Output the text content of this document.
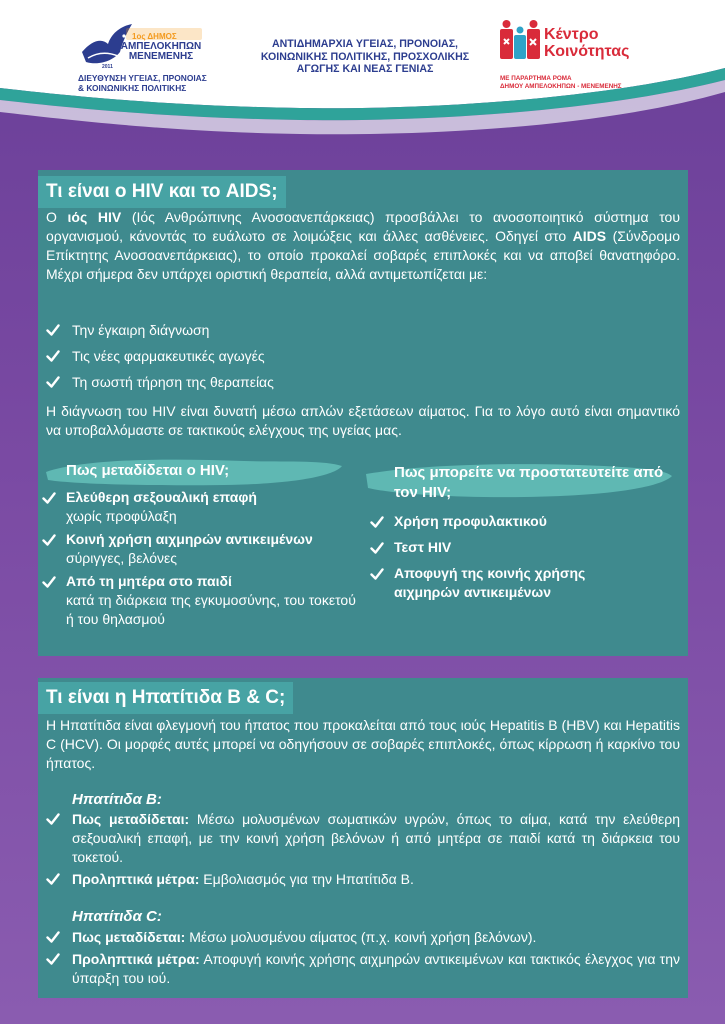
1ος ΔΗΜΟΣ
ΑΜΠΕΛΟΚΗΠΩΝ
ΜΕΝΕΜΕΝΗΣ
2011
ΔΙΕΥΘΥΝΣΗ ΥΓΕΙΑΣ, ΠΡΟΝΟΙΑΣ
& ΚΟΙΝΩΝΙΚΗΣ ΠΟΛΙΤΙΚΗΣ
ΑΝΤΙΔΗΜΑΡΧΙΑ ΥΓΕΙΑΣ, ΠΡΟΝΟΙΑΣ,
ΚΟΙΝΩΝΙΚΗΣ ΠΟΛΙΤΙΚΗΣ, ΠΡΟΣΧΟΛΙΚΗΣ
ΑΓΩΓΗΣ ΚΑΙ ΝΕΑΣ ΓΕΝΙΑΣ
Κέντρο
Κοινότητας
ΜΕ ΠΑΡΑΡΤΗΜΑ ΡΟΜΑ
ΔΗΜΟΥ ΑΜΠΕΛΟΚΗΠΩΝ - ΜΕΝΕΜΕΝΗΣ
Τι είναι ο HIV και το AIDS;
Ο ιός HIV (Ιός Ανθρώπινης Ανοσοανεπάρκειας) προσβάλλει το ανοσοποιητικό σύστημα του οργανισμού, κάνοντάς το ευάλωτο σε λοιμώξεις και άλλες ασθένειες. Οδηγεί στο AIDS (Σύνδρομο Επίκτητης Ανοσοανεπάρκειας), το οποίο προκαλεί σοβαρές επιπλοκές και να αποβεί θανατηφόρο. Μέχρι σήμερα δεν υπάρχει οριστική θεραπεία, αλλά αντιμετωπίζεται με:
Την έγκαιρη διάγνωση
Τις νέες φαρμακευτικές αγωγές
Τη σωστή τήρηση της θεραπείας
Η διάγνωση του HIV είναι δυνατή μέσω απλών εξετάσεων αίματος. Για το λόγο αυτό είναι σημαντικό να υποβαλλόμαστε σε τακτικούς ελέγχους της υγείας μας.
Πως μεταδίδεται ο HIV;
Ελεύθερη σεξουαλική επαφή
χωρίς προφύλαξη
Κοινή χρήση αιχμηρών αντικειμένων
σύριγγες, βελόνες
Από τη μητέρα στο παιδί
κατά τη διάρκεια της εγκυμοσύνης, του τοκετού ή του θηλασμού
Πως μπορείτε να προστατευτείτε από τον HIV;
Χρήση προφυλακτικού
Τεστ HIV
Αποφυγή της κοινής χρήσης αιχμηρών αντικειμένων
Τι είναι η Ηπατίτιδα Β & C;
Η Ηπατίτιδα είναι φλεγμονή του ήπατος που προκαλείται από τους ιούς Hepatitis B (HBV) και Hepatitis C (HCV). Οι μορφές αυτές μπορεί να οδηγήσουν σε σοβαρές επιπλοκές, όπως κίρρωση ή καρκίνο του ήπατος.
Ηπατίτιδα Β:
Πως μεταδίδεται: Μέσω μολυσμένων σωματικών υγρών, όπως το αίμα, κατά την ελεύθερη σεξουαλική επαφή, με την κοινή χρήση βελόνων ή από μητέρα σε παιδί κατά τη διάρκεια του τοκετού.
Προληπτικά μέτρα: Εμβολιασμός για την Ηπατίτιδα Β.
Ηπατίτιδα C:
Πως μεταδίδεται: Μέσω μολυσμένου αίματος (π.χ. κοινή χρήση βελόνων).
Προληπτικά μέτρα: Αποφυγή κοινής χρήσης αιχμηρών αντικειμένων και τακτικός έλεγχος για την ύπαρξη του ιού.
